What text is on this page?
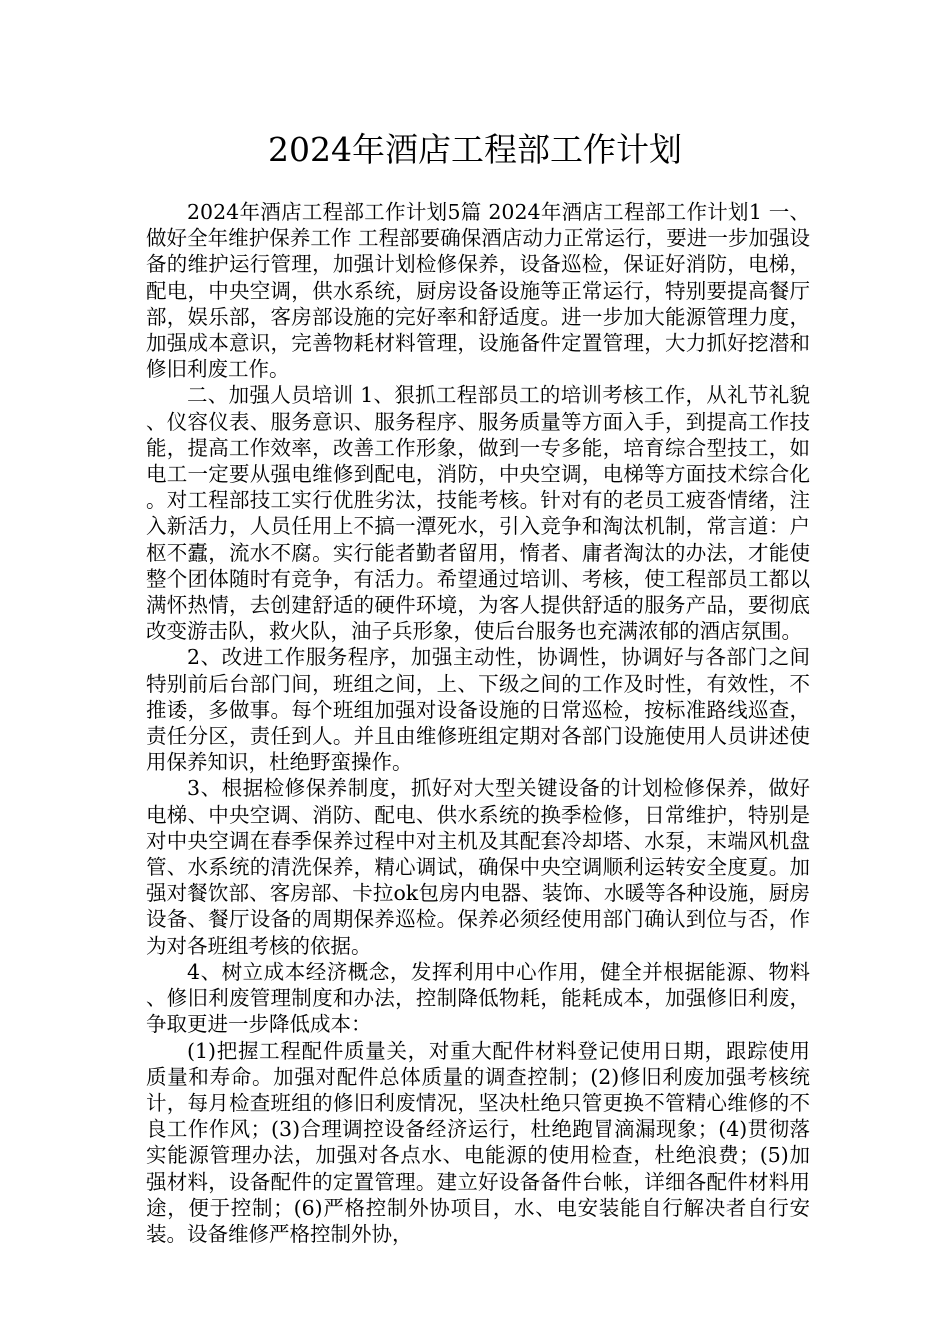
2024年酒店工程部工作计划

2024年酒店工程部工作计划5篇 2024年酒店工程部工作计划1 一、做好全年维护保养工作 工程部要确保酒店动力正常运行，要进一步加强设备的维护运行管理，加强计划检修保养，设备巡检，保证好消防，电梯，配电，中央空调，供水系统，厨房设备设施等正常运行，特别要提高餐厅部，娱乐部，客房部设施的完好率和舒适度。进一步加大能源管理力度，加强成本意识，完善物耗材料管理，设施备件定置管理，大力抓好挖潜和修旧利废工作。

二、加强人员培训 1、狠抓工程部员工的培训考核工作，从礼节礼貌、仪容仪表、服务意识、服务程序、服务质量等方面入手，到提高工作技能，提高工作效率，改善工作形象，做到一专多能，培育综合型技工，如电工一定要从强电维修到配电，消防，中央空调，电梯等方面技术综合化。对工程部技工实行优胜劣汰，技能考核。针对有的老员工疲沓情绪，注入新活力，人员任用上不搞一潭死水，引入竞争和淘汰机制，常言道：户枢不蠹，流水不腐。实行能者勤者留用，惰者、庸者淘汰的办法，才能使整个团体随时有竞争，有活力。希望通过培训、考核，使工程部员工都以满怀热情，去创建舒适的硬件环境，为客人提供舒适的服务产品，要彻底改变游击队，救火队，油子兵形象，使后台服务也充满浓郁的酒店氛围。

2、改进工作服务程序，加强主动性，协调性，协调好与各部门之间特别前后台部门间，班组之间，上、下级之间的工作及时性，有效性，不推诿，多做事。每个班组加强对设备设施的日常巡检，按标准路线巡查，责任分区，责任到人。并且由维修班组定期对各部门设施使用人员讲述使用保养知识，杜绝野蛮操作。

3、根据检修保养制度，抓好对大型关键设备的计划检修保养，做好电梯、中央空调、消防、配电、供水系统的换季检修，日常维护，特别是对中央空调在春季保养过程中对主机及其配套冷却塔、水泵，末端风机盘管、水系统的清洗保养，精心调试，确保中央空调顺利运转安全度夏。加强对餐饮部、客房部、卡拉ok包房内电器、装饰、水暖等各种设施，厨房设备、餐厅设备的周期保养巡检。保养必须经使用部门确认到位与否，作为对各班组考核的依据。

4、树立成本经济概念，发挥利用中心作用，健全并根据能源、物料、修旧利废管理制度和办法，控制降低物耗，能耗成本，加强修旧利废，争取更进一步降低成本：

(1)把握工程配件质量关，对重大配件材料登记使用日期，跟踪使用质量和寿命。加强对配件总体质量的调查控制；(2)修旧利废加强考核统计，每月检查班组的修旧利废情况，坚决杜绝只管更换不管精心维修的不良工作作风；(3)合理调控设备经济运行，杜绝跑冒滴漏现象；(4)贯彻落实能源管理办法，加强对各点水、电能源的使用检查，杜绝浪费；(5)加强材料，设备配件的定置管理。建立好设备备件台帐，详细各配件材料用途，便于控制；(6)严格控制外协项目，水、电安装能自行解决者自行安装。设备维修严格控制外协，
